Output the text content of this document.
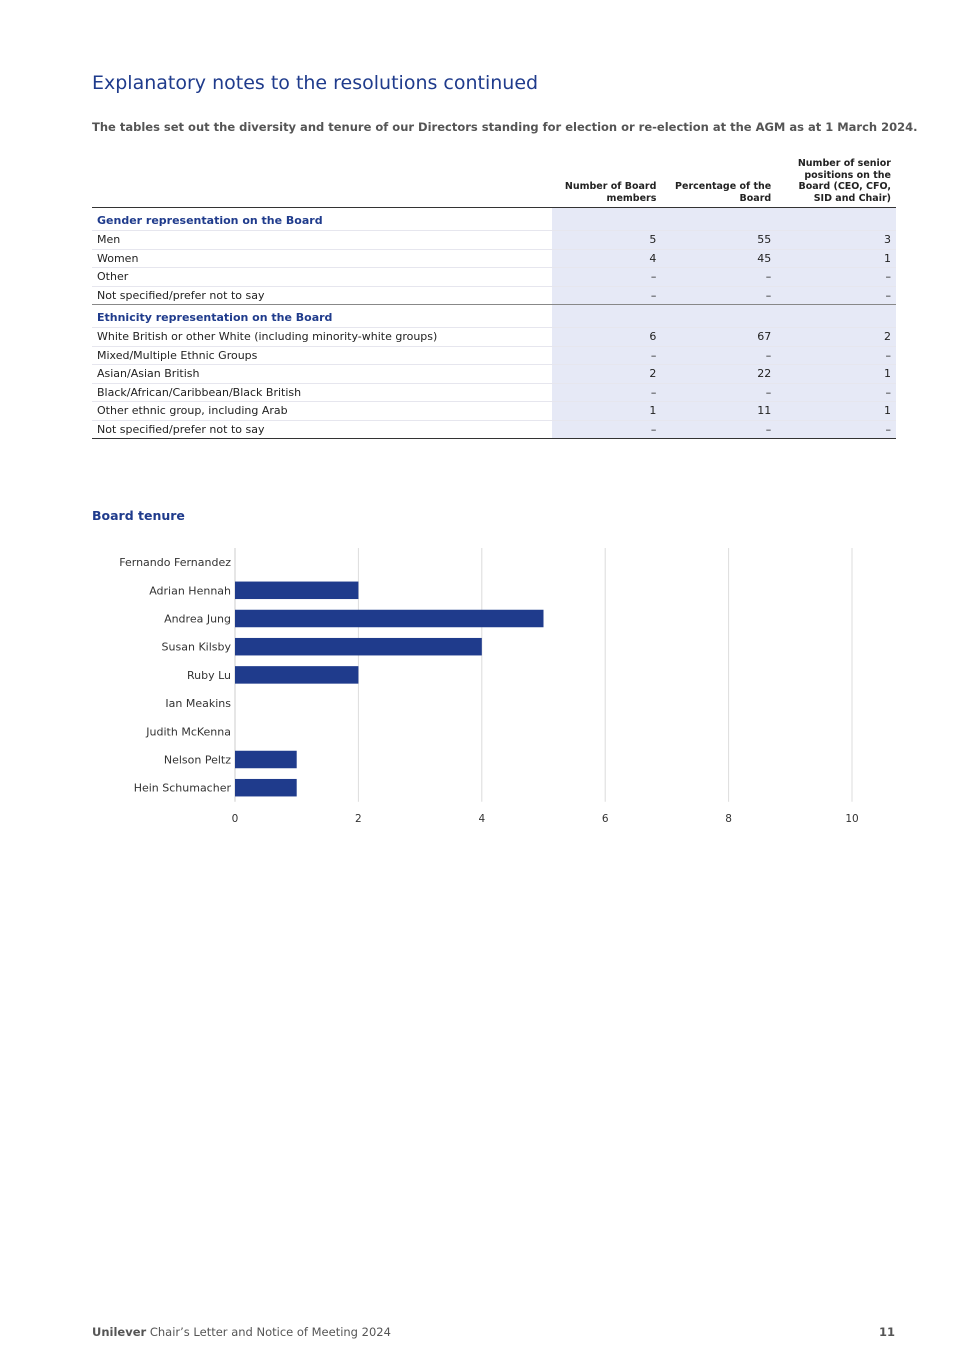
Explanatory notes to the resolutions continued

The tables set out the diversity and tenure of our Directors standing for election or re-election at the AGM as at 1 March 2024.

	Number of Board members	Percentage of the Board	Number of senior positions on the Board (CEO, CFO, SID and Chair)
Gender representation on the Board			
Men	5	55	3
Women	4	45	1
Other	–	–	–
Not specified/prefer not to say	–	–	–
Ethnicity representation on the Board			
White British or other White (including minority-white groups)	6	67	2
Mixed/Multiple Ethnic Groups	–	–	–
Asian/Asian British	2	22	1
Black/African/Caribbean/Black British	–	–	–
Other ethnic group, including Arab	1	11	1
Not specified/prefer not to say	–	–	–
Board tenure
Fernando Fernandez
Adrian Hennah
Andrea Jung
Susan Kilsby
Ruby Lu
Ian Meakins
Judith McKenna
Nelson Peltz
Hein Schumacher
0	2	4	6	8	10

Unilever Chair’s Letter and Notice of Meeting 2024	11
